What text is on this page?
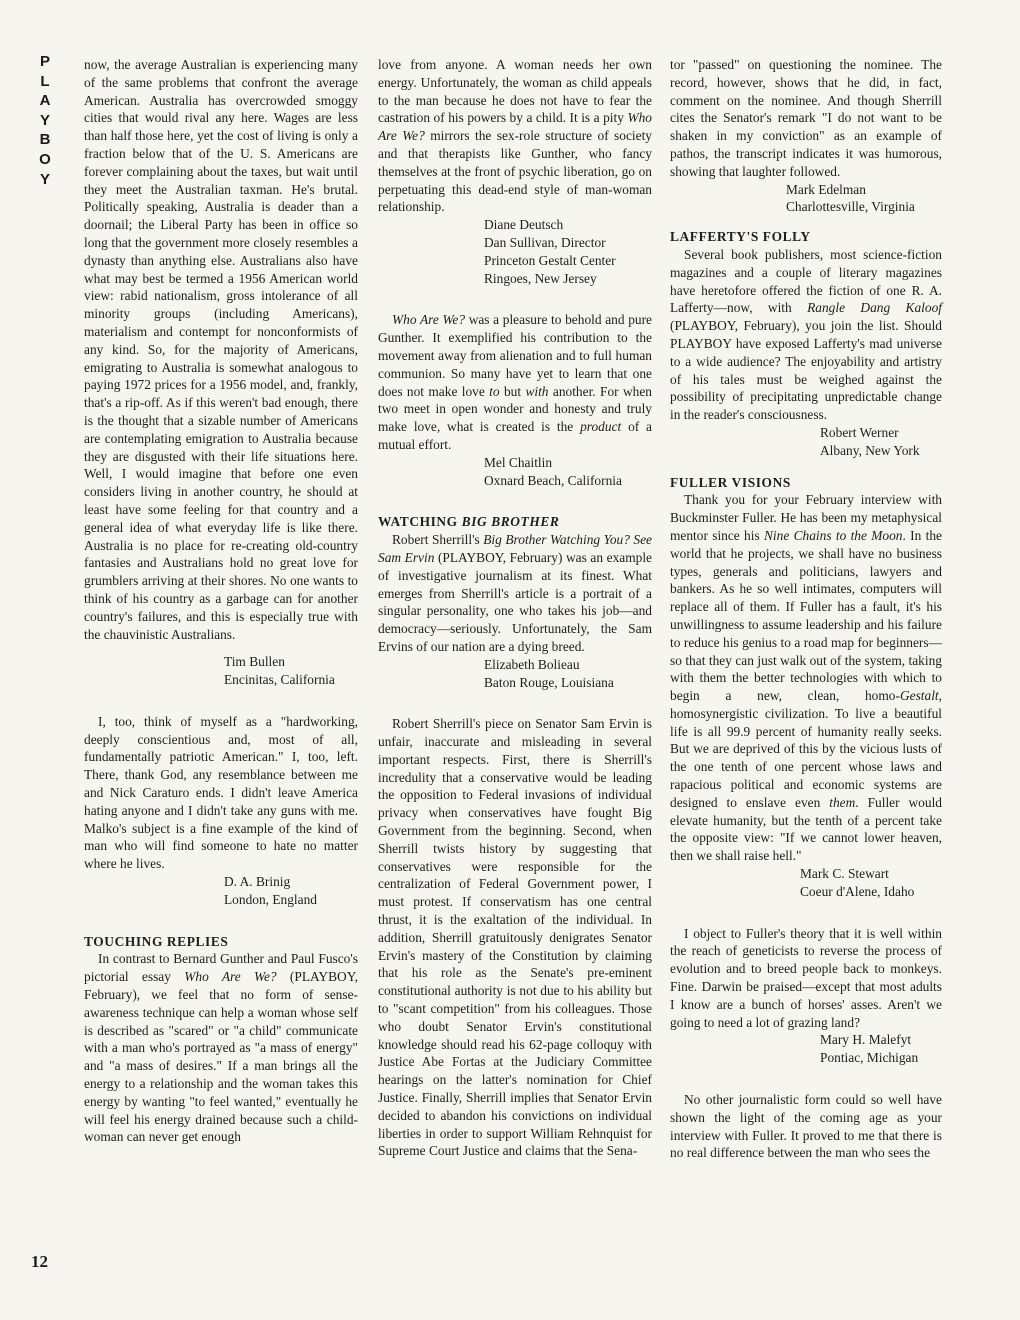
P
L
A
Y
B
O
Y
12

now, the average Australian is experiencing many of the same problems that confront the average American. Australia has overcrowded smoggy cities that would rival any here. Wages are less than half those here, yet the cost of living is only a fraction below that of the U. S. Americans are forever complaining about the taxes, but wait until they meet the Australian taxman. He's brutal. Politically speaking, Australia is deader than a doornail; the Liberal Party has been in office so long that the government more closely resembles a dynasty than anything else. Australians also have what may best be termed a 1956 American world view: rabid nationalism, gross intolerance of all minority groups (including Americans), materialism and contempt for nonconformists of any kind. So, for the majority of Americans, emigrating to Australia is somewhat analogous to paying 1972 prices for a 1956 model, and, frankly, that's a rip-off. As if this weren't bad enough, there is the thought that a sizable number of Americans are contemplating emigration to Australia because they are disgusted with their life situations here. Well, I would imagine that before one even considers living in another country, he should at least have some feeling for that country and a general idea of what everyday life is like there. Australia is no place for re-creating old-country fantasies and Australians hold no great love for grumblers arriving at their shores. No one wants to think of his country as a garbage can for another country's failures, and this is especially true with the chauvinistic Australians.

Tim Bullen
Encinitas, California

I, too, think of myself as a "hardworking, deeply conscientious and, most of all, fundamentally patriotic American." I, too, left. There, thank God, any resemblance between me and Nick Caraturo ends. I didn't leave America hating anyone and I didn't take any guns with me. Malko's subject is a fine example of the kind of man who will find someone to hate no matter where he lives.

D. A. Brinig
London, England
TOUCHING REPLIES

In contrast to Bernard Gunther and Paul Fusco's pictorial essay Who Are We? (PLAYBOY, February), we feel that no form of sense-awareness technique can help a woman whose self is described as "scared" or "a child" communicate with a man who's portrayed as "a mass of energy" and "a mass of desires." If a man brings all the energy to a relationship and the woman takes this energy by wanting "to feel wanted," eventually he will feel his energy drained because such a child-woman can never get enough

love from anyone. A woman needs her own energy. Unfortunately, the woman as child appeals to the man because he does not have to fear the castration of his powers by a child. It is a pity Who Are We? mirrors the sex-role structure of society and that therapists like Gunther, who fancy themselves at the front of psychic liberation, go on perpetuating this dead-end style of man-woman relationship.

Diane Deutsch
Dan Sullivan, Director
Princeton Gestalt Center
Ringoes, New Jersey

Who Are We? was a pleasure to behold and pure Gunther. It exemplified his contribution to the movement away from alienation and to full human communion. So many have yet to learn that one does not make love to but with another. For when two meet in open wonder and honesty and truly make love, what is created is the product of a mutual effort.

Mel Chaitlin
Oxnard Beach, California
WATCHING BIG BROTHER

Robert Sherrill's Big Brother Watching You? See Sam Ervin (PLAYBOY, February) was an example of investigative journalism at its finest. What emerges from Sherrill's article is a portrait of a singular personality, one who takes his job—and democracy—seriously. Unfortunately, the Sam Ervins of our nation are a dying breed.

Elizabeth Bolieau
Baton Rouge, Louisiana

Robert Sherrill's piece on Senator Sam Ervin is unfair, inaccurate and misleading in several important respects. First, there is Sherrill's incredulity that a conservative would be leading the opposition to Federal invasions of individual privacy when conservatives have fought Big Government from the beginning. Second, when Sherrill twists history by suggesting that conservatives were responsible for the centralization of Federal Government power, I must protest. If conservatism has one central thrust, it is the exaltation of the individual. In addition, Sherrill gratuitously denigrates Senator Ervin's mastery of the Constitution by claiming that his role as the Senate's pre-eminent constitutional authority is not due to his ability but to "scant competition" from his colleagues. Those who doubt Senator Ervin's constitutional knowledge should read his 62-page colloquy with Justice Abe Fortas at the Judiciary Committee hearings on the latter's nomination for Chief Justice. Finally, Sherrill implies that Senator Ervin decided to abandon his convictions on individual liberties in order to support William Rehnquist for Supreme Court Justice and claims that the Sena-

tor "passed" on questioning the nominee. The record, however, shows that he did, in fact, comment on the nominee. And though Sherrill cites the Senator's remark "I do not want to be shaken in my conviction" as an example of pathos, the transcript indicates it was humorous, showing that laughter followed.

Mark Edelman
Charlottesville, Virginia
LAFFERTY'S FOLLY

Several book publishers, most science-fiction magazines and a couple of literary magazines have heretofore offered the fiction of one R. A. Lafferty—now, with Rangle Dang Kaloof (PLAYBOY, February), you join the list. Should PLAYBOY have exposed Lafferty's mad universe to a wide audience? The enjoyability and artistry of his tales must be weighed against the possibility of precipitating unpredictable change in the reader's consciousness.

Robert Werner
Albany, New York
FULLER VISIONS

Thank you for your February interview with Buckminster Fuller. He has been my metaphysical mentor since his Nine Chains to the Moon. In the world that he projects, we shall have no business types, generals and politicians, lawyers and bankers. As he so well intimates, computers will replace all of them. If Fuller has a fault, it's his unwillingness to assume leadership and his failure to reduce his genius to a road map for beginners—so that they can just walk out of the system, taking with them the better technologies with which to begin a new, clean, homo-Gestalt, homosynergistic civilization. To live a beautiful life is all 99.9 percent of humanity really seeks. But we are deprived of this by the vicious lusts of the one tenth of one percent whose laws and rapacious political and economic systems are designed to enslave even them. Fuller would elevate humanity, but the tenth of a percent take the opposite view: "If we cannot lower heaven, then we shall raise hell."

Mark C. Stewart
Coeur d'Alene, Idaho

I object to Fuller's theory that it is well within the reach of geneticists to reverse the process of evolution and to breed people back to monkeys. Fine. Darwin be praised—except that most adults I know are a bunch of horses' asses. Aren't we going to need a lot of grazing land?

Mary H. Malefyt
Pontiac, Michigan

No other journalistic form could so well have shown the light of the coming age as your interview with Fuller. It proved to me that there is no real difference between the man who sees the
